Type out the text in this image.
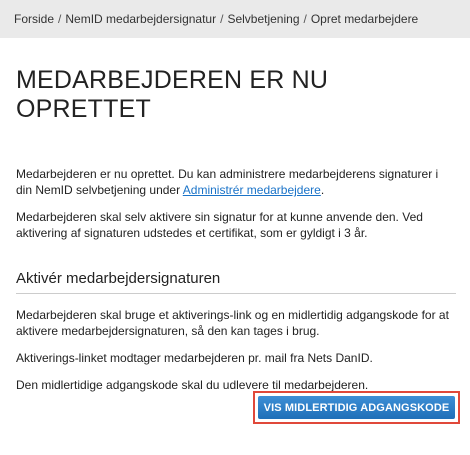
Forside / NemID medarbejdersignatur / Selvbetjening / Opret medarbejdere
MEDARBEJDEREN ER NU
OPRETTET

Medarbejderen er nu oprettet. Du kan administrere medarbejderens signaturer i din NemID selvbetjening under Administrér medarbejdere.

Medarbejderen skal selv aktivere sin signatur for at kunne anvende den. Ved aktivering af signaturen udstedes et certifikat, som er gyldigt i 3 år.

Aktivér medarbejdersignaturen

Medarbejderen skal bruge et aktiverings-link og en midlertidig adgangskode for at aktivere medarbejdersignaturen, så den kan tages i brug.

Aktiverings-linket modtager medarbejderen pr. mail fra Nets DanID.

Den midlertidige adgangskode skal du udlevere til medarbejderen.

VIS MIDLERTIDIG ADGANGSKODE
